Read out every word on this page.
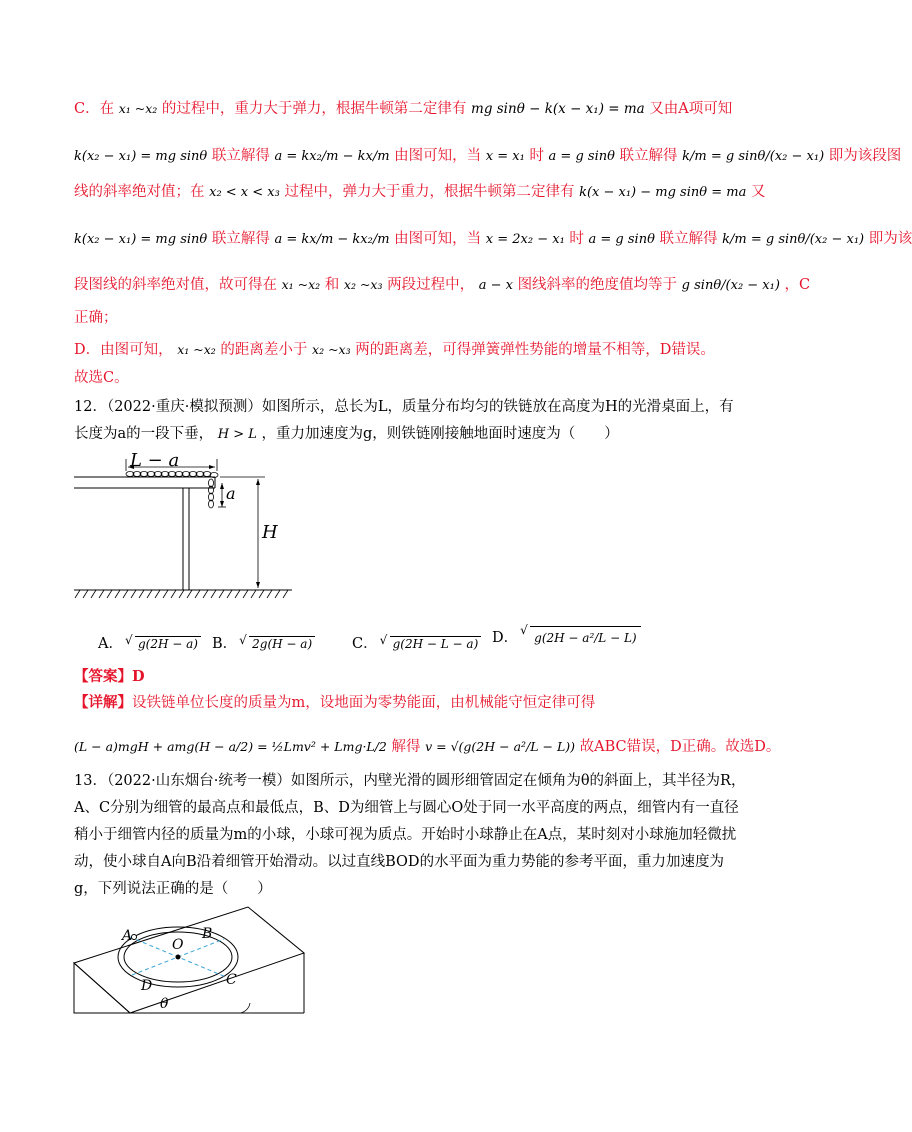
C．在 x₁ ~x₂ 的过程中，重力大于弹力，根据牛顿第二定律有 mg sinθ − k(x − x₁) = ma 又由A项可知
k(x₂ − x₁) = mg sinθ 联立解得 a = kx₂/m − kx/m 由图可知，当 x = x₁ 时 a = g sinθ 联立解得 k/m = g sinθ/(x₂ − x₁) 即为该段图
线的斜率绝对值；在 x₂ < x < x₃ 过程中，弹力大于重力，根据牛顿第二定律有 k(x − x₁) − mg sinθ = ma 又
k(x₂ − x₁) = mg sinθ 联立解得 a = kx/m − kx₂/m 由图可知，当 x = 2x₂ − x₁ 时 a = g sinθ 联立解得 k/m = g sinθ/(x₂ − x₁) 即为该
段图线的斜率绝对值，故可得在 x₁ ~x₂ 和 x₂ ~x₃ 两段过程中， a − x 图线斜率的绝度值均等于 g sinθ/(x₂ − x₁) ，C
正确；
D．由图可知， x₁ ~x₂ 的距离差小于 x₂ ~x₃ 两的距离差，可得弹簧弹性势能的增量不相等，D错误。
故选C。
12．（2022·重庆·模拟预测）如图所示，总长为L，质量分布均匀的铁链放在高度为H的光滑桌面上，有
长度为a的一段下垂， H > L ，重力加速度为g，则铁链刚接触地面时速度为（　　）
L − a
a
H
A． √ g(2H − a) B． √ 2g(H − a)	C． √ g(2H − L − a) D． √ g(2H − a²/L − L)
【答案】D
【详解】设铁链单位长度的质量为m，设地面为零势能面，由机械能守恒定律可得
(L − a)mgH + amg(H − a/2) = ½Lmv² + Lmg·L/2 解得 v = √(g(2H − a²/L − L)) 故ABC错误，D正确。故选D。
13．（2022·山东烟台·统考一模）如图所示，内壁光滑的圆形细管固定在倾角为θ的斜面上，其半径为R，
A、C分别为细管的最高点和最低点，B、D为细管上与圆心O处于同一水平高度的两点，细管内有一直径
稍小于细管内径的质量为m的小球，小球可视为质点。开始时小球静止在A点，某时刻对小球施加轻微扰
动，使小球自A向B沿着细管开始滑动。以过直线BOD的水平面为重力势能的参考平面，重力加速度为
g，下列说法正确的是（　　）
A	B
O
C
D
θ
